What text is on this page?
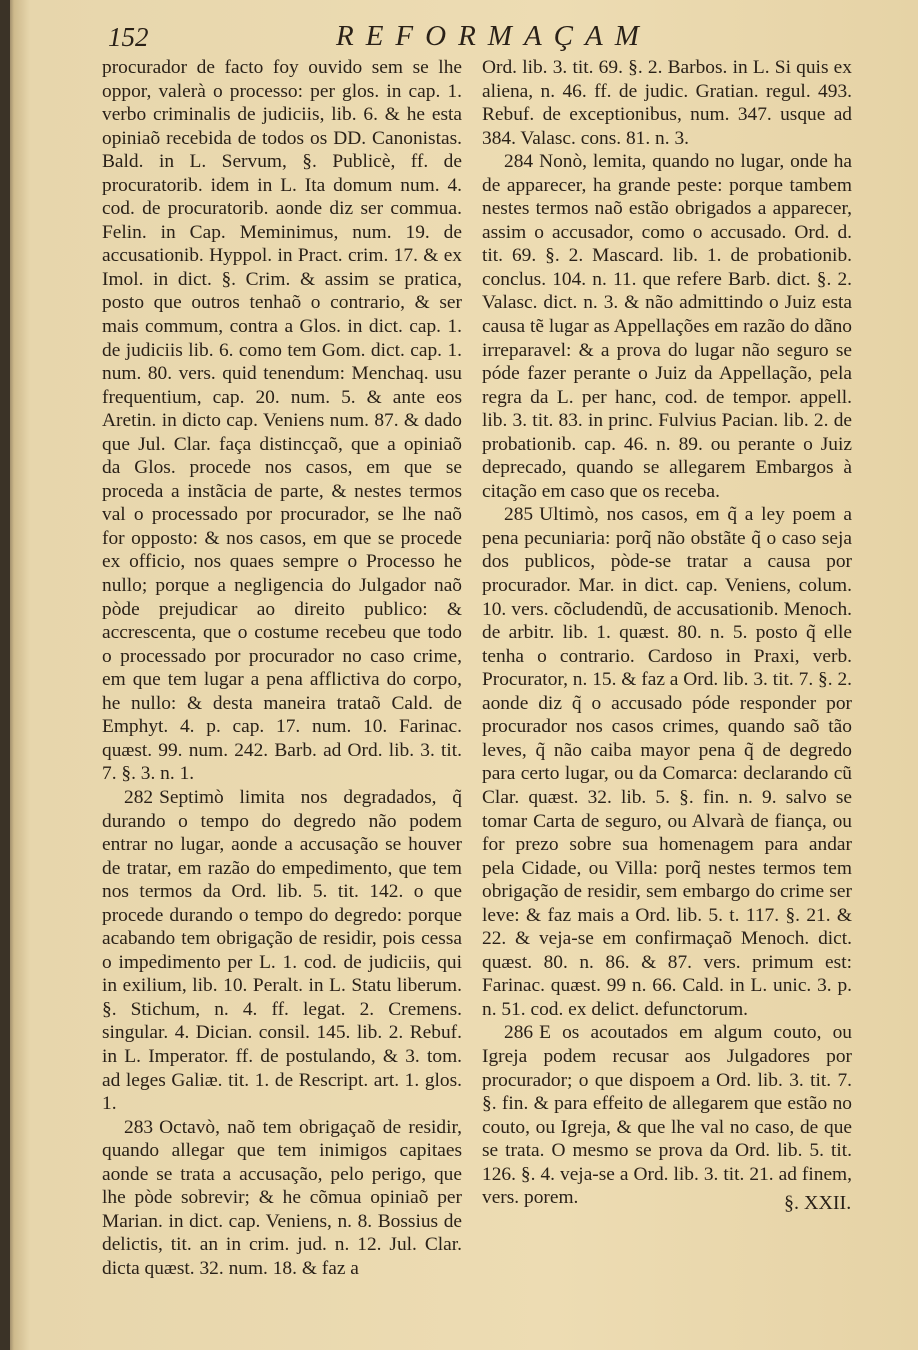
152	REFORMAÇAM

procurador de facto foy ouvido sem se lhe oppor, valerà o processo: per glos. in cap. 1. verbo criminalis de judiciis, lib. 6. & he esta opiniaõ recebida de todos os DD. Canonistas. Bald. in L. Servum, §. Publicè, ff. de procuratorib. idem in L. Ita domum num. 4. cod. de procuratorib. aonde diz ser commua. Felin. in Cap. Meminimus, num. 19. de accusationib. Hyppol. in Pract. crim. 17. & ex Imol. in dict. §. Crim. & assim se pratica, posto que outros tenhaõ o contrario, & ser mais commum, contra a Glos. in dict. cap. 1. de judiciis lib. 6. como tem Gom. dict. cap. 1. num. 80. vers. quid tenendum: Menchaq. usu frequentium, cap. 20. num. 5. & ante eos Aretin. in dicto cap. Veniens num. 87. & dado que Jul. Clar. faça distincçaõ, que a opiniaõ da Glos. procede nos casos, em que se proceda a instãcia de parte, & nestes termos val o processado por procurador, se lhe naõ for opposto: & nos casos, em que se procede ex officio, nos quaes sempre o Processo he nullo; porque a negligencia do Julgador naõ pòde prejudicar ao direito publico: & accrescenta, que o costume recebeu que todo o processado por procurador no caso crime, em que tem lugar a pena afflictiva do corpo, he nullo: & desta maneira trataõ Cald. de Emphyt. 4. p. cap. 17. num. 10. Farinac. quæst. 99. num. 242. Barb. ad Ord. lib. 3. tit. 7. §. 3. n. 1.

282 Septimò limita nos degradados, q̃ durando o tempo do degredo não podem entrar no lugar, aonde a accusação se houver de tratar, em razão do empedimento, que tem nos termos da Ord. lib. 5. tit. 142. o que procede durando o tempo do degredo: porque acabando tem obrigação de residir, pois cessa o impedimento per L. 1. cod. de judiciis, qui in exilium, lib. 10. Peralt. in L. Statu liberum. §. Stichum, n. 4. ff. legat. 2. Cremens. singular. 4. Dician. consil. 145. lib. 2. Rebuf. in L. Imperator. ff. de postulando, & 3. tom. ad leges Galiæ. tit. 1. de Rescript. art. 1. glos. 1.

283 Octavò, naõ tem obrigaçaõ de residir, quando allegar que tem inimigos capitaes aonde se trata a accusação, pelo perigo, que lhe pòde sobrevir; & he cõmua opiniaõ per Marian. in dict. cap. Veniens, n. 8. Bossius de delictis, tit. an in crim. jud. n. 12. Jul. Clar. dicta quæst. 32. num. 18. & faz a

Ord. lib. 3. tit. 69. §. 2. Barbos. in L. Si quis ex aliena, n. 46. ff. de judic. Gratian. regul. 493. Rebuf. de exceptionibus, num. 347. usque ad 384. Valasc. cons. 81. n. 3.

284 Nonò, lemita, quando no lugar, onde ha de apparecer, ha grande peste: porque tambem nestes termos naõ estão obrigados a apparecer, assim o accusador, como o accusado. Ord. d. tit. 69. §. 2. Mascard. lib. 1. de probationib. conclus. 104. n. 11. que refere Barb. dict. §. 2. Valasc. dict. n. 3. & não admittindo o Juiz esta causa tẽ lugar as Appellações em razão do dãno irreparavel: & a prova do lugar não seguro se póde fazer perante o Juiz da Appellação, pela regra da L. per hanc, cod. de tempor. appell. lib. 3. tit. 83. in princ. Fulvius Pacian. lib. 2. de probationib. cap. 46. n. 89. ou perante o Juiz deprecado, quando se allegarem Embargos à citação em caso que os receba.

285 Ultimò, nos casos, em q̃ a ley poem a pena pecuniaria: porq̃ não obstãte q̃ o caso seja dos publicos, pòde-se tratar a causa por procurador. Mar. in dict. cap. Veniens, colum. 10. vers. cõcludendũ, de accusationib. Menoch. de arbitr. lib. 1. quæst. 80. n. 5. posto q̃ elle tenha o contrario. Cardoso in Praxi, verb. Procurator, n. 15. & faz a Ord. lib. 3. tit. 7. §. 2. aonde diz q̃ o accusado póde responder por procurador nos casos crimes, quando saõ tão leves, q̃ não caiba mayor pena q̃ de degredo para certo lugar, ou da Comarca: declarando cũ Clar. quæst. 32. lib. 5. §. fin. n. 9. salvo se tomar Carta de seguro, ou Alvarà de fiança, ou for prezo sobre sua homenagem para andar pela Cidade, ou Villa: porq̃ nestes termos tem obrigação de residir, sem embargo do crime ser leve: & faz mais a Ord. lib. 5. t. 117. §. 21. & 22. & veja-se em confirmaçaõ Menoch. dict. quæst. 80. n. 86. & 87. vers. primum est: Farinac. quæst. 99 n. 66. Cald. in L. unic. 3. p. n. 51. cod. ex delict. defunctorum.

286 E os acoutados em algum couto, ou Igreja podem recusar aos Julgadores por procurador; o que dispoem a Ord. lib. 3. tit. 7. §. fin. & para effeito de allegarem que estão no couto, ou Igreja, & que lhe val no caso, de que se trata. O mesmo se prova da Ord. lib. 5. tit. 126. §. 4. veja-se a Ord. lib. 3. tit. 21. ad finem, vers. porem.	§. XXII.
